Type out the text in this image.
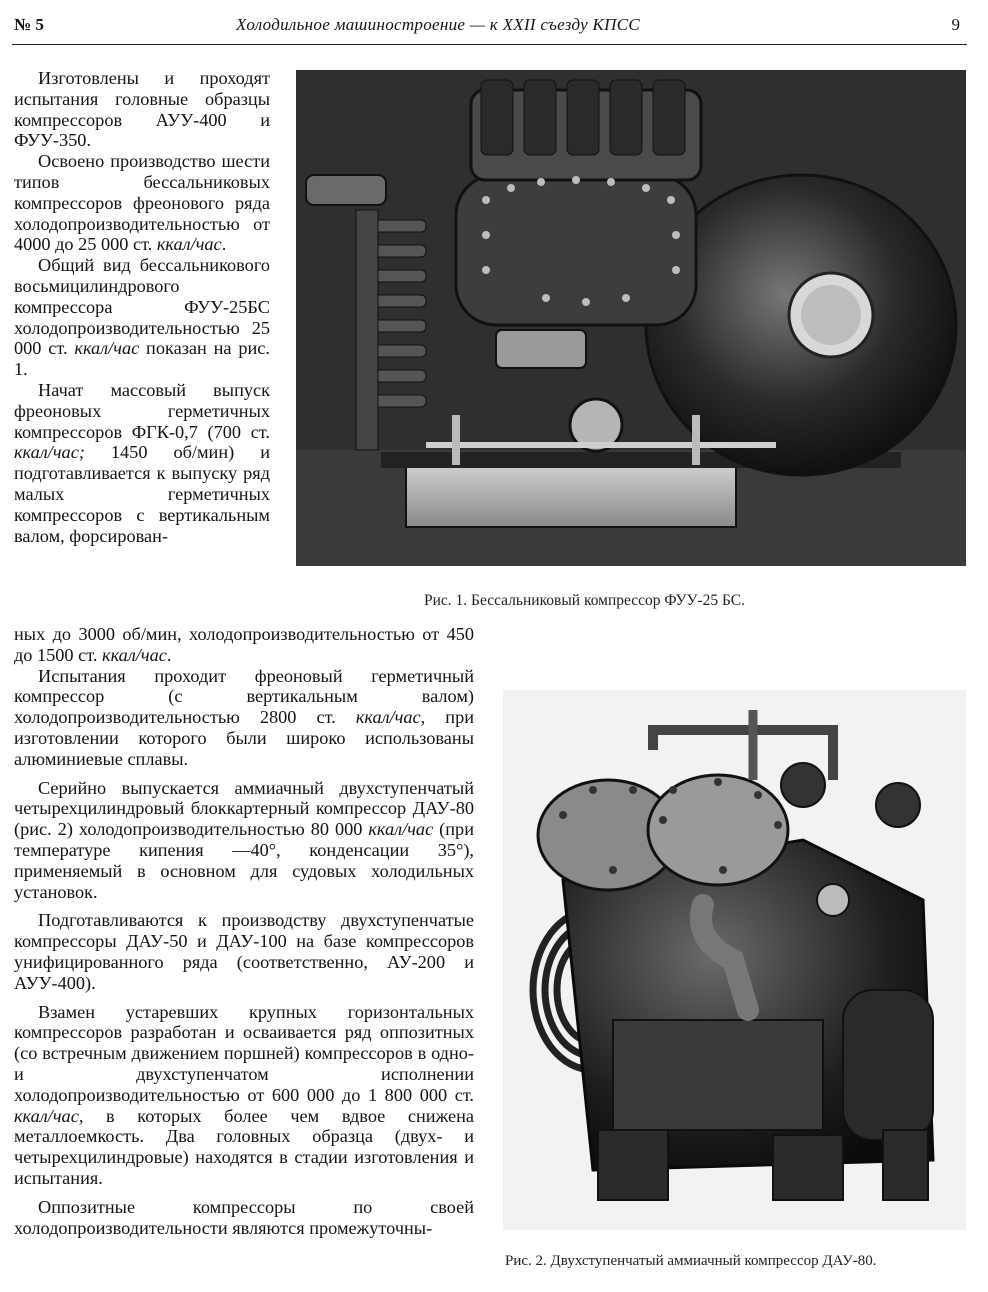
№ 5	Холодильное машиностроение — к XXII съезду КПСС	9

Изготовлены и проходят испытания головные образцы компрессоров АУУ-400 и ФУУ-350.

Освоено производство шести типов бессальниковых компрессоров фреонового ряда холодопроизводительностью от 4000 до 25 000 ст. ккал/час.

Общий вид бессальникового восьмицилиндрового компрессора ФУУ-25БС холодопроизводительностью 25 000 ст. ккал/час показан на рис. 1.

Начат массовый выпуск фреоновых герметичных компрессоров ФГК-0,7 (700 ст. ккал/час; 1450 об/мин) и подготавливается к выпуску ряд малых герметичных компрессоров с вертикальным валом, форсирован-

ных до 3000 об/мин, холодопроизводительностью от 450 до 1500 ст. ккал/час.

Испытания проходит фреоновый герметичный компрессор (с вертикальным валом) холодопроизводительностью 2800 ст. ккал/час, при изготовлении которого были широко использованы алюминиевые сплавы.

Серийно выпускается аммиачный двухступенчатый четырехцилиндровый блоккартерный компрессор ДАУ-80 (рис. 2) холодопроизводительностью 80 000 ккал/час (при температуре кипения —40°, конденсации 35°), применяемый в основном для судовых холодильных установок.

Подготавливаются к производству двухступенчатые компрессоры ДАУ-50 и ДАУ-100 на базе компрессоров унифицированного ряда (соответственно, АУ-200 и АУУ-400).

Взамен устаревших крупных горизонтальных компрессоров разработан и осваивается ряд оппозитных (со встречным движением поршней) компрессоров в одно- и двухступенчатом исполнении холодопроизводительностью от 600 000 до 1 800 000 ст. ккал/час, в которых более чем вдвое снижена металлоемкость. Два головных образца (двух- и четырехцилиндровые) находятся в стадии изготовления и испытания.

Оппозитные компрессоры по своей холодопроизводительности являются промежуточны-

Рис. 1. Бессальниковый компрессор ФУУ-25 БС.
Рис. 2. Двухступенчатый аммиачный компрессор ДАУ-80.
